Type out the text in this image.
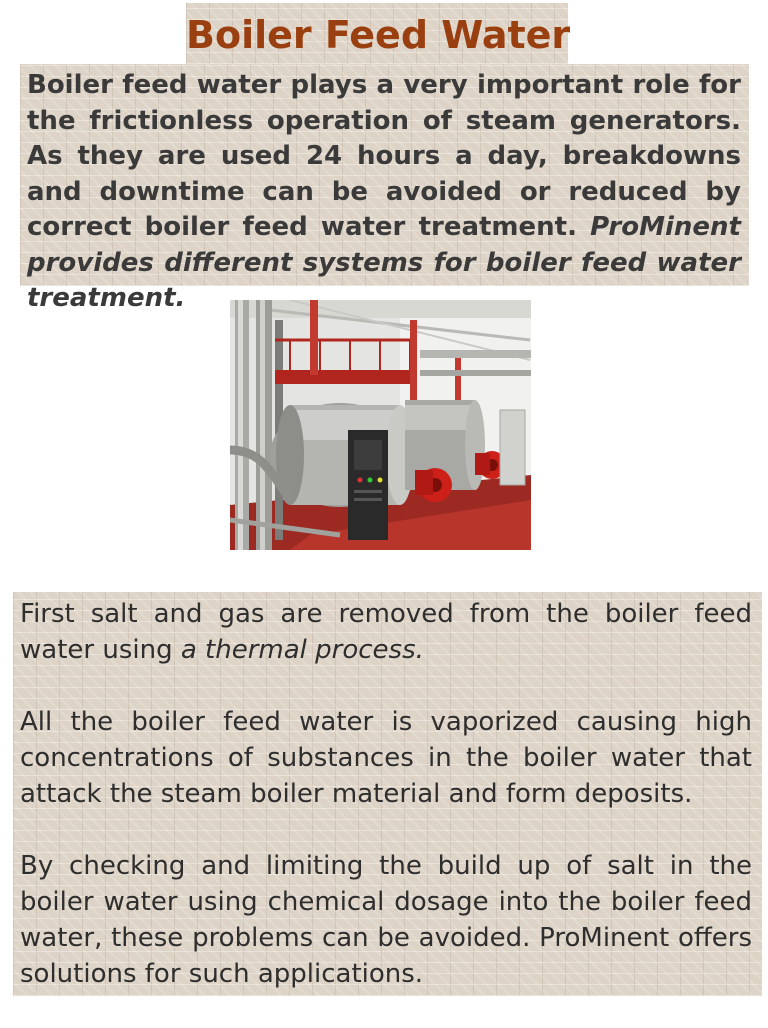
Boiler Feed Water
Boiler feed water plays a very important role for the frictionless operation of steam generators. As they are used 24 hours a day, breakdowns and downtime can be avoided or reduced by correct boiler feed water treatment. ProMinent provides different systems for boiler feed water treatment.

First salt and gas are removed from the boiler feed water using a thermal process.

All the boiler feed water is vaporized causing high concentrations of substances in the boiler water that attack the steam boiler material and form deposits.

By checking and limiting the build up of salt in the boiler water using chemical dosage into the boiler feed water, these problems can be avoided. ProMinent offers solutions for such applications.
